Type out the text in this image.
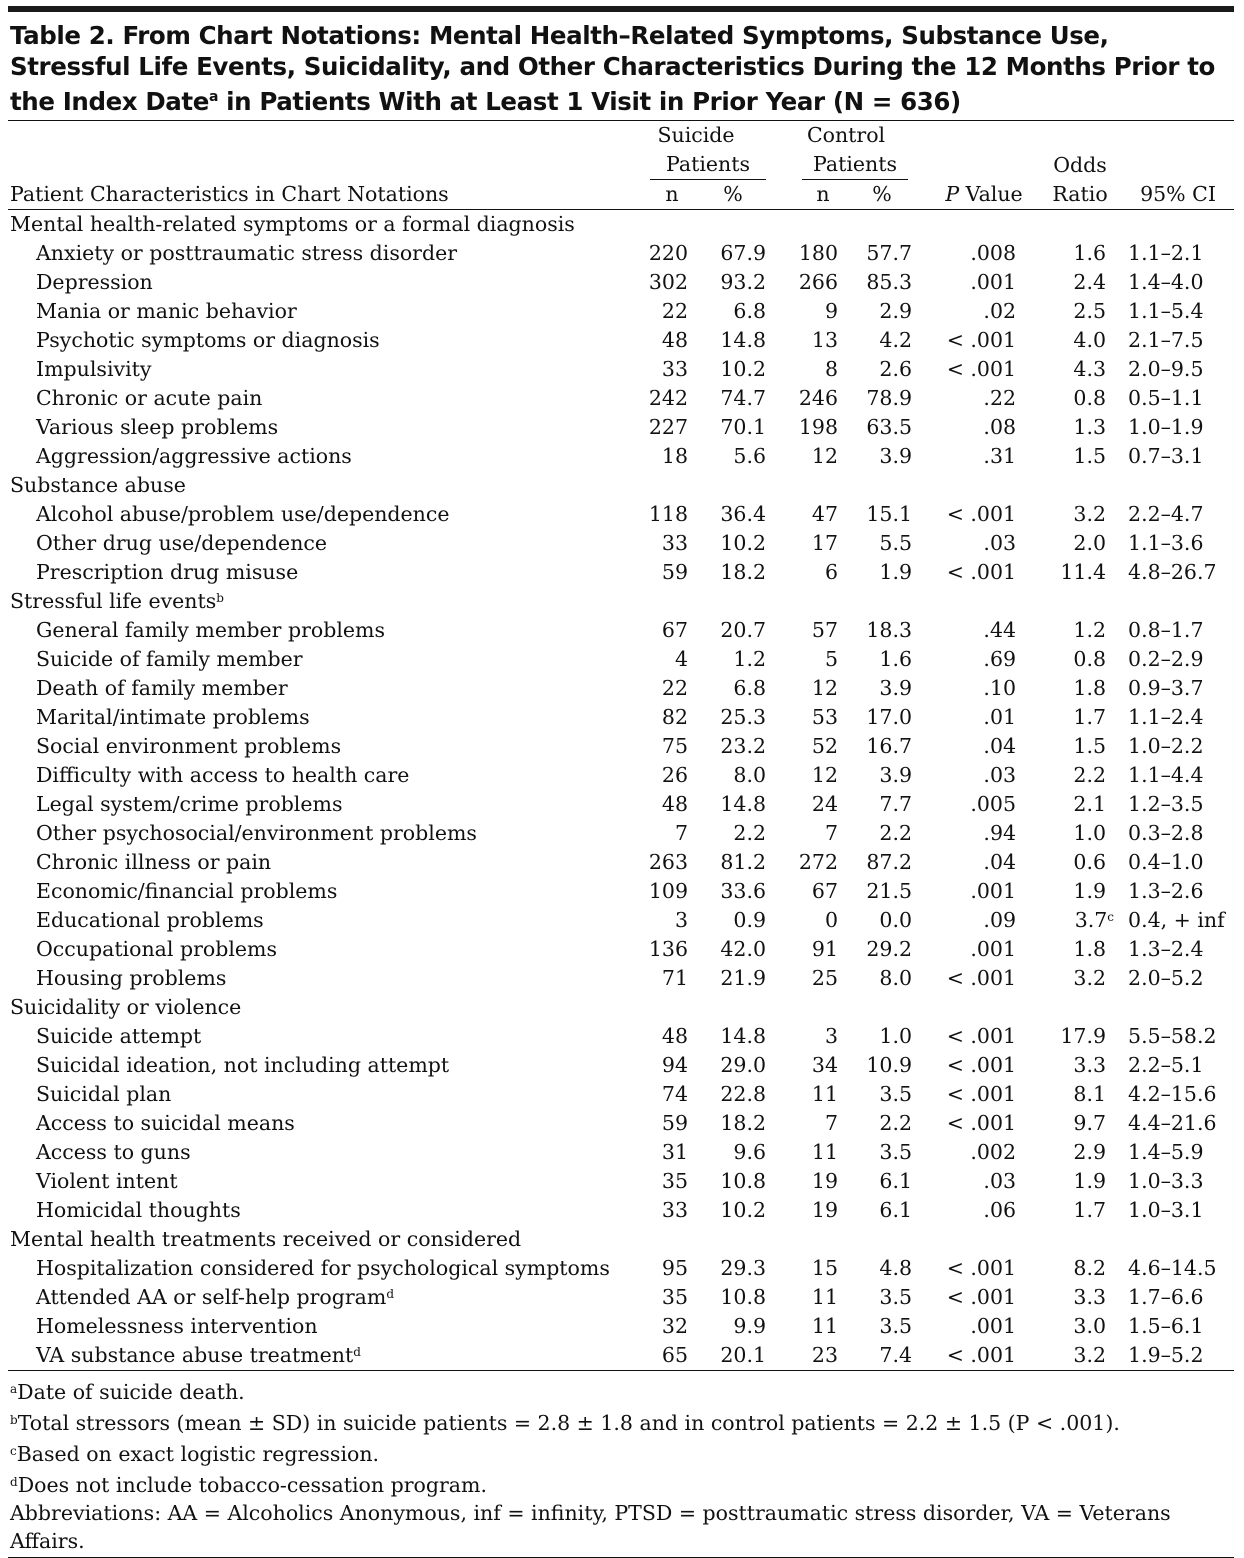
Table 2. From Chart Notations: Mental Health–Related Symptoms, Substance Use, Stressful Life Events, Suicidality, and Other Characteristics During the 12 Months Prior to the Index Date$^a$ in Patients With at Least 1 Visit in Prior Year (N = 636)
	Suicide		Control				
	Patients		Patients			Odds	
Patient Characteristics in Chart Notations	n	%	n	%	P Value	Ratio	95% CI
Mental health-related symptoms or a formal diagnosis							
Anxiety or posttraumatic stress disorder	220	67.9	180	57.7	.008	1.6	1.1–2.1
Depression	302	93.2	266	85.3	.001	2.4	1.4–4.0
Mania or manic behavior	22	6.8	9	2.9	.02	2.5	1.1–5.4
Psychotic symptoms or diagnosis	48	14.8	13	4.2	< .001	4.0	2.1–7.5
Impulsivity	33	10.2	8	2.6	< .001	4.3	2.0–9.5
Chronic or acute pain	242	74.7	246	78.9	.22	0.8	0.5–1.1
Various sleep problems	227	70.1	198	63.5	.08	1.3	1.0–1.9
Aggression/aggressive actions	18	5.6	12	3.9	.31	1.5	0.7–3.1
Substance abuse							
Alcohol abuse/problem use/dependence	118	36.4	47	15.1	< .001	3.2	2.2–4.7
Other drug use/dependence	33	10.2	17	5.5	.03	2.0	1.1–3.6
Prescription drug misuse	59	18.2	6	1.9	< .001	11.4	4.8–26.7
Stressful life events$^b$
General family member problems	67	20.7	57	18.3	.44	1.2	0.8–1.7
Suicide of family member	4	1.2	5	1.6	.69	0.8	0.2–2.9
Death of family member	22	6.8	12	3.9	.10	1.8	0.9–3.7
Marital/intimate problems	82	25.3	53	17.0	.01	1.7	1.1–2.4
Social environment problems	75	23.2	52	16.7	.04	1.5	1.0–2.2
Difficulty with access to health care	26	8.0	12	3.9	.03	2.2	1.1–4.4
Legal system/crime problems	48	14.8	24	7.7	.005	2.1	1.2–3.5
Other psychosocial/environment problems	7	2.2	7	2.2	.94	1.0	0.3–2.8
Chronic illness or pain	263	81.2	272	87.2	.04	0.6	0.4–1.0
Economic/financial problems	109	33.6	67	21.5	.001	1.9	1.3–2.6
Educational problems	3	0.9	0	0.0	.09	3.7$^c$	0.4, + inf
Occupational problems	136	42.0	91	29.2	.001	1.8	1.3–2.4
Housing problems	71	21.9	25	8.0	< .001	3.2	2.0–5.2
Suicidality or violence							
Suicide attempt	48	14.8	3	1.0	< .001	17.9	5.5–58.2
Suicidal ideation, not including attempt	94	29.0	34	10.9	< .001	3.3	2.2–5.1
Suicidal plan	74	22.8	11	3.5	< .001	8.1	4.2–15.6
Access to suicidal means	59	18.2	7	2.2	< .001	9.7	4.4–21.6
Access to guns	31	9.6	11	3.5	.002	2.9	1.4–5.9
Violent intent	35	10.8	19	6.1	.03	1.9	1.0–3.3
Homicidal thoughts	33	10.2	19	6.1	.06	1.7	1.0–3.1
Mental health treatments received or considered							
Hospitalization considered for psychological symptoms	95	29.3	15	4.8	< .001	8.2	4.6–14.5
Attended AA or self-help program$^d$	35	10.8	11	3.5	< .001	3.3	1.7–6.6
Homelessness intervention	32	9.9	11	3.5	.001	3.0	1.5–6.1
VA substance abuse treatment$^d$	65	20.1	23	7.4	< .001	3.2	1.9–5.2
$^a$Date of suicide death.
$^b$Total stressors (mean ± SD) in suicide patients = 2.8 ± 1.8 and in control patients = 2.2 ± 1.5 (P < .001).
$^c$Based on exact logistic regression.
$^d$Does not include tobacco-cessation program.
Abbreviations: AA = Alcoholics Anonymous, inf = infinity, PTSD = posttraumatic stress disorder, VA = Veterans Affairs.
